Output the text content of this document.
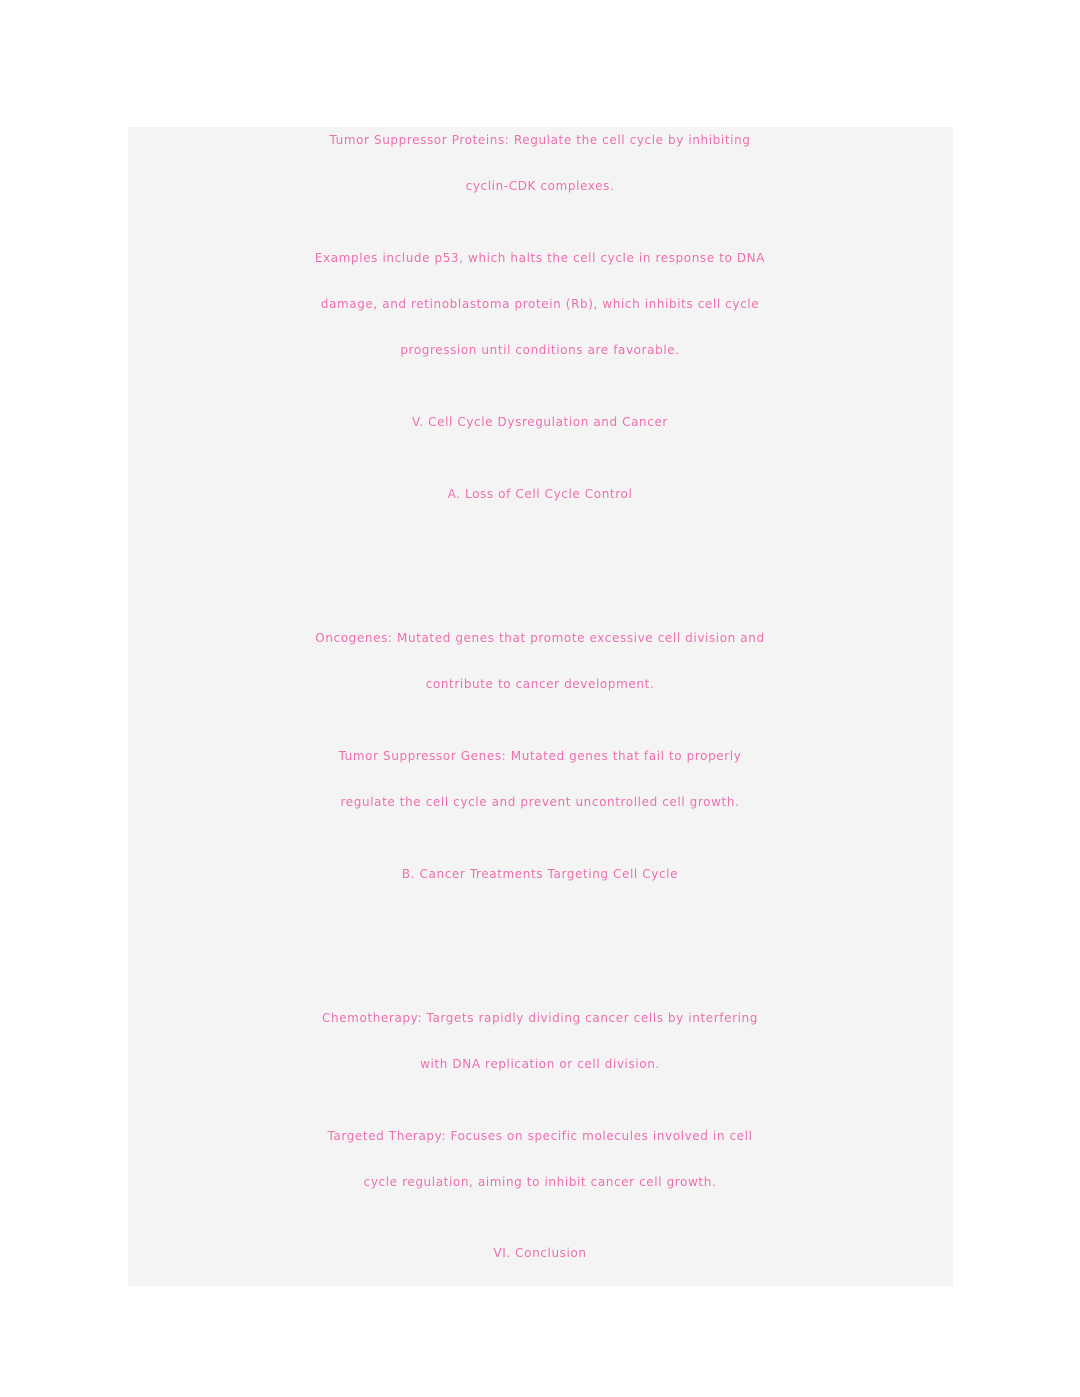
Tumor Suppressor Proteins: Regulate the cell cycle by inhibiting
cyclin-CDK complexes.
Examples include p53, which halts the cell cycle in response to DNA
damage, and retinoblastoma protein (Rb), which inhibits cell cycle
progression until conditions are favorable.
V. Cell Cycle Dysregulation and Cancer
A. Loss of Cell Cycle Control
Oncogenes: Mutated genes that promote excessive cell division and
contribute to cancer development.
Tumor Suppressor Genes: Mutated genes that fail to properly
regulate the cell cycle and prevent uncontrolled cell growth.
B. Cancer Treatments Targeting Cell Cycle
Chemotherapy: Targets rapidly dividing cancer cells by interfering
with DNA replication or cell division.
Targeted Therapy: Focuses on specific molecules involved in cell
cycle regulation, aiming to inhibit cancer cell growth.
VI. Conclusion
